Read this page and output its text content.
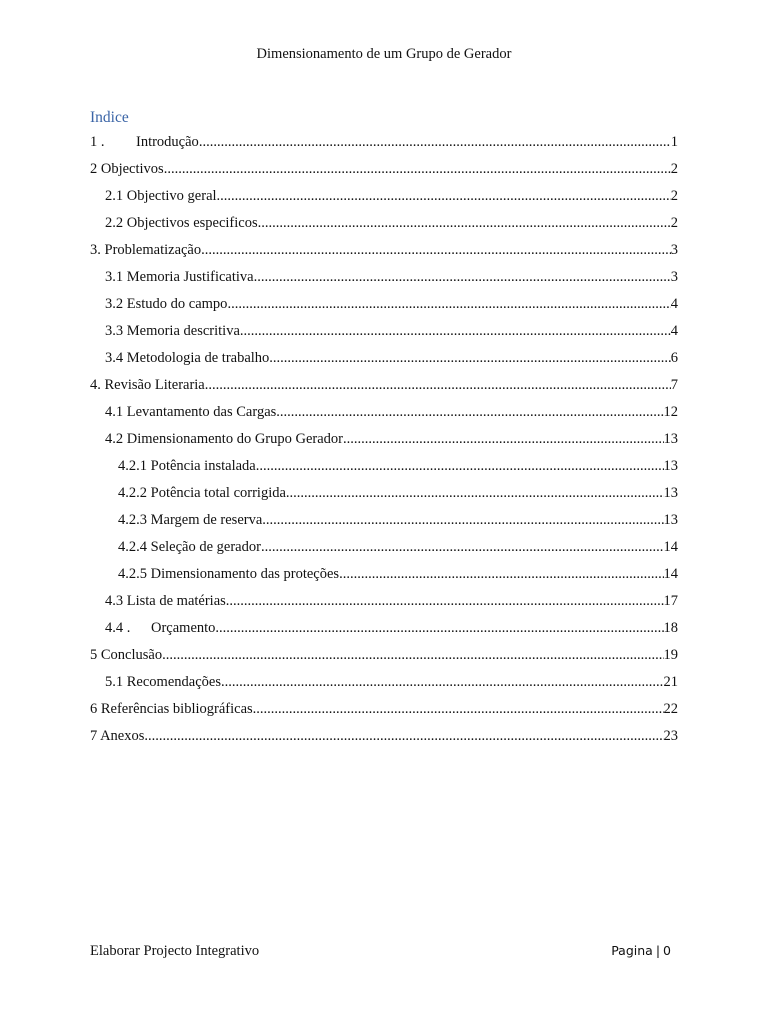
Dimensionamento de um Grupo de Gerador
Indice
1 .	Introdução .....	1
2 Objectivos .....	2
2.1 Objectivo geral .....	2
2.2 Objectivos especificos .....	2
3. Problematização .....	3
3.1 Memoria Justificativa .....	3
3.2 Estudo do campo .....	4
3.3 Memoria descritiva .....	4
3.4 Metodologia de trabalho .....	6
4. Revisão Literaria .....	7
4.1 Levantamento das Cargas .....	12
4.2 Dimensionamento do Grupo Gerador .....	13
4.2.1 Potência instalada .....	13
4.2.2 Potência total corrigida .....	13
4.2.3 Margem de reserva .....	13
4.2.4 Seleção de gerador .....	14
4.2.5 Dimensionamento das proteções .....	14
4.3 Lista de matérias .....	17
4.4 .	Orçamento .....	18
5 Conclusão .....	19
5.1 Recomendações .....	21
6 Referências bibliográficas .....	22
7 Anexos .....	23
Elaborar Projecto Integrativo	Pagina | 0
